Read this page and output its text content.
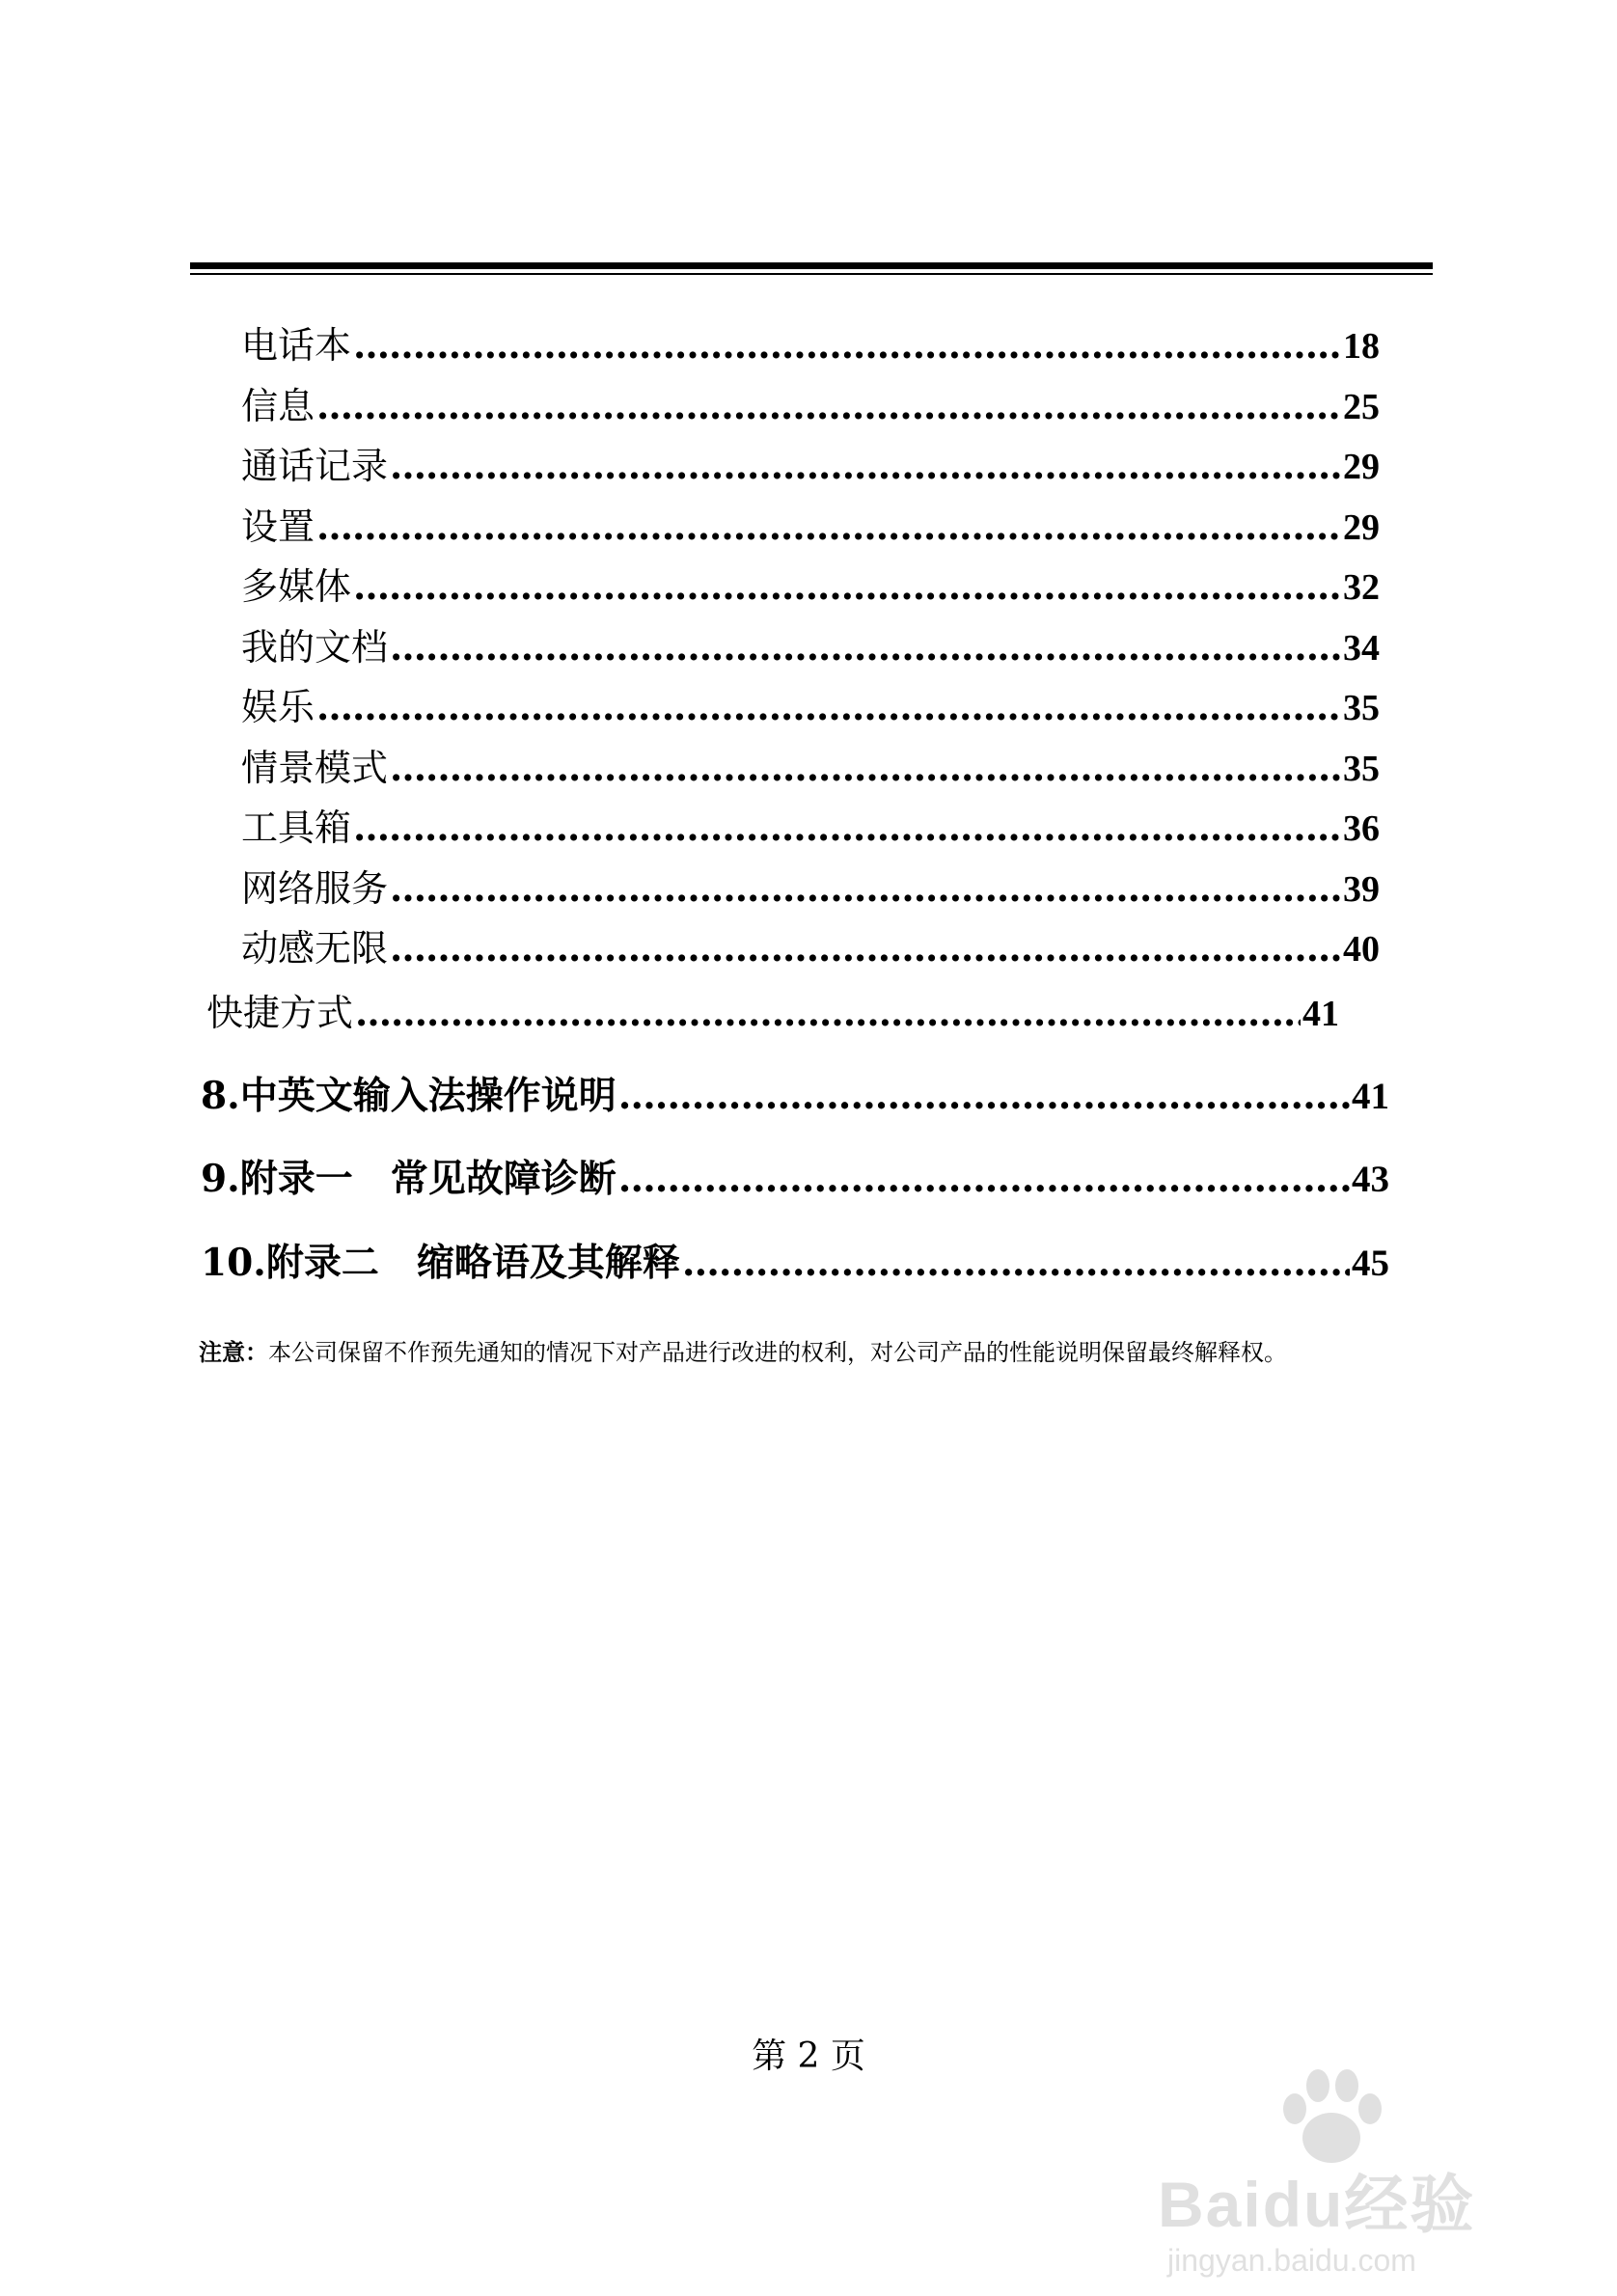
电话本 ………………………………………………………………………………………………………………………………………………………………	18
信息 ………………………………………………………………………………………………………………………………………………………………	25
通话记录 ………………………………………………………………………………………………………………………………………………………………	29
设置 ………………………………………………………………………………………………………………………………………………………………	29
多媒体 ………………………………………………………………………………………………………………………………………………………………	32
我的文档 ………………………………………………………………………………………………………………………………………………………………	34
娱乐 ………………………………………………………………………………………………………………………………………………………………	35
情景模式 ………………………………………………………………………………………………………………………………………………………………	35
工具箱 ………………………………………………………………………………………………………………………………………………………………	36
网络服务 ………………………………………………………………………………………………………………………………………………………………	39
动感无限 ………………………………………………………………………………………………………………………………………………………………	40
快捷方式 ………………………………………………………………………………………………………………………………………………………………	41
8.中英文输入法操作说明 ………………………………………………………………………………………………………………………………………………………………	41
9.附录一　常见故障诊断 ………………………………………………………………………………………………………………………………………………………………	43
10.附录二　缩略语及其解释 ………………………………………………………………………………………………………………………………………………………………	45
注意：本公司保留不作预先通知的情况下对产品进行改进的权利，对公司产品的性能说明保留最终解释权。
第 2 页
Baidu经验
jingyan.baidu.com
